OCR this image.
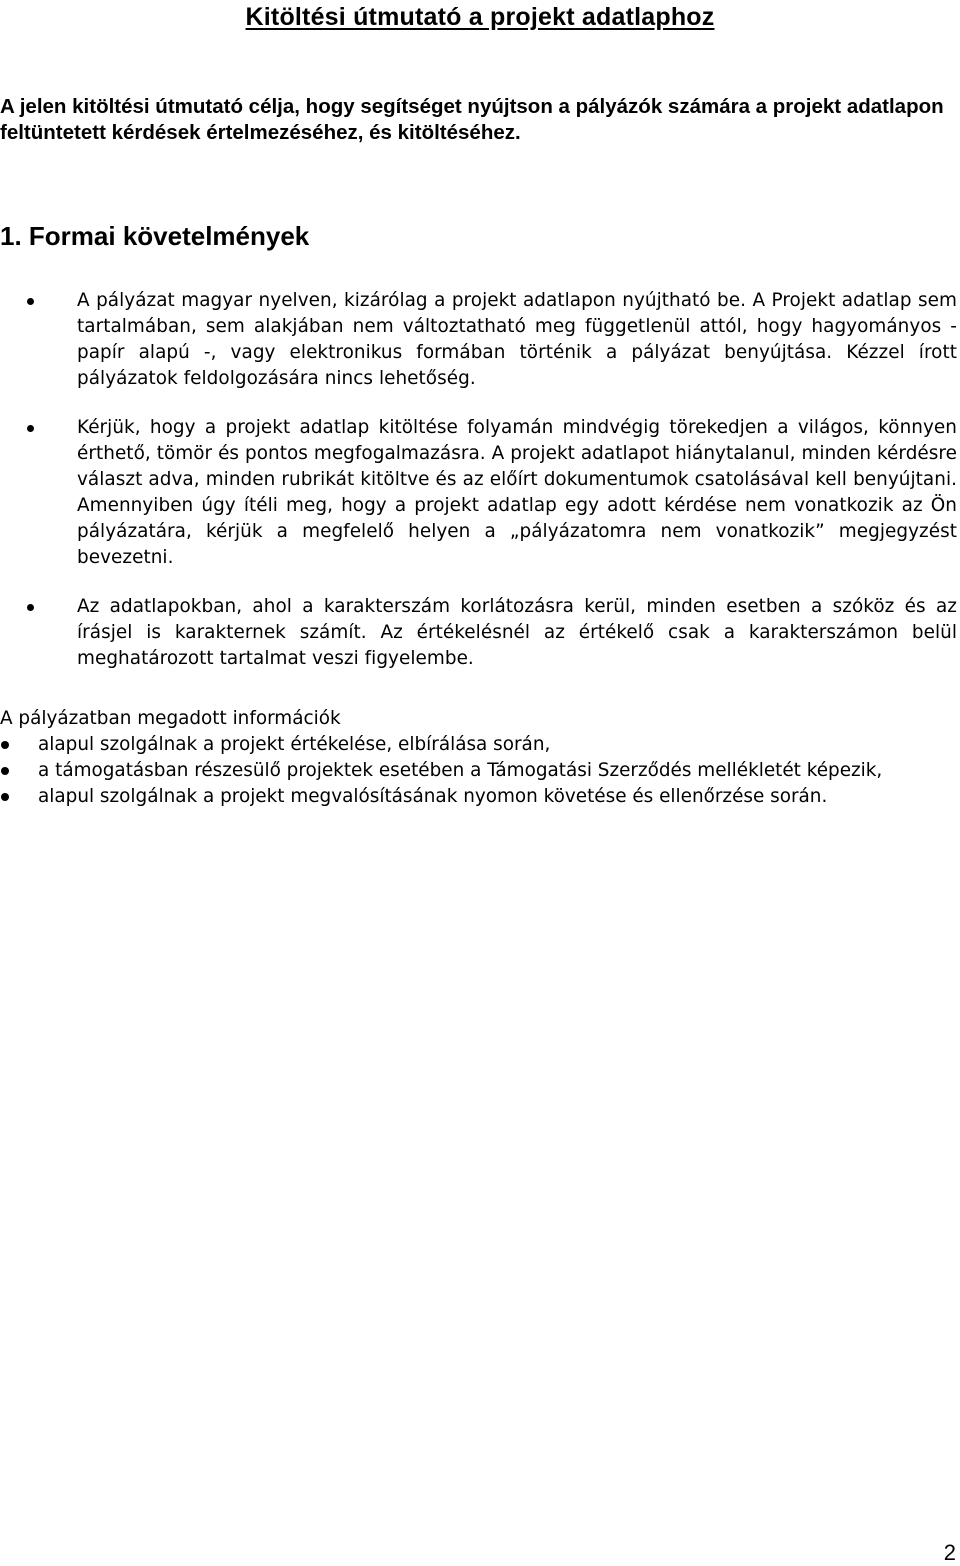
Kitöltési útmutató a projekt adatlaphoz

A jelen kitöltési útmutató célja, hogy segítséget nyújtson a pályázók számára a projekt adatlapon feltüntetett kérdések értelmezéséhez, és kitöltéséhez.

1. Formai követelmények
A pályázat magyar nyelven, kizárólag a projekt adatlapon nyújtható be. A Projekt adatlap sem tartalmában, sem alakjában nem változtatható meg függetlenül attól, hogy hagyományos - papír alapú -, vagy elektronikus formában történik a pályázat benyújtása. Kézzel írott pályázatok feldolgozására nincs lehetőség.
Kérjük, hogy a projekt adatlap kitöltése folyamán mindvégig törekedjen a világos, könnyen érthető, tömör és pontos megfogalmazásra. A projekt adatlapot hiánytalanul, minden kérdésre választ adva, minden rubrikát kitöltve és az előírt dokumentumok csatolásával kell benyújtani. Amennyiben úgy ítéli meg, hogy a projekt adatlap egy adott kérdése nem vonatkozik az Ön pályázatára, kérjük a megfelelő helyen a „pályázatomra nem vonatkozik” megjegyzést bevezetni.
Az adatlapokban, ahol a karakterszám korlátozásra kerül, minden esetben a szóköz és az írásjel is karakternek számít. Az értékelésnél az értékelő csak a karakterszámon belül meghatározott tartalmat veszi figyelembe.

A pályázatban megadott információk

alapul szolgálnak a projekt értékelése, elbírálása során,
a támogatásban részesülő projektek esetében a Támogatási Szerződés mellékletét képezik,
alapul szolgálnak a projekt megvalósításának nyomon követése és ellenőrzése során.
2
